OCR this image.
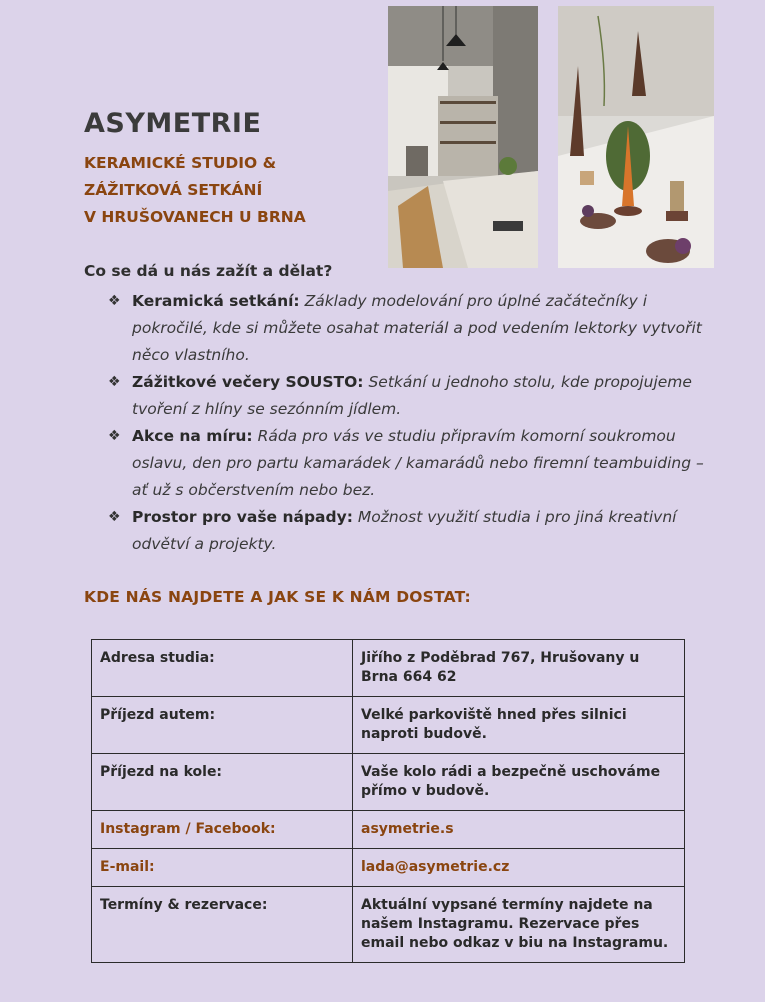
ASYMETRIE
KERAMICKÉ STUDIO &
ZÁŽITKOVÁ SETKÁNÍ
V HRUŠOVANECH U BRNA
Co se dá u nás zažít a dělat?
❖ Keramická setkání: Základy modelování pro úplné začátečníky i pokročilé, kde si můžete osahat materiál a pod vedením lektorky vytvořit něco vlastního.
❖ Zážitkové večery SOUSTO: Setkání u jednoho stolu, kde propojujeme tvoření z hlíny se sezónním jídlem.
❖ Akce na míru: Ráda pro vás ve studiu připravím komorní soukromou oslavu, den pro partu kamarádek / kamarádů nebo firemní teambuiding – ať už s občerstvením nebo bez.
❖ Prostor pro vaše nápady: Možnost využití studia i pro jiná kreativní odvětví a projekty.
KDE NÁS NAJDETE A JAK SE K NÁM DOSTAT:
Adresa studia:	Jiřího z Poděbrad 767, Hrušovany u Brna 664 62
Příjezd autem:	Velké parkoviště hned přes silnici naproti budově.
Příjezd na kole:	Vaše kolo rádi a bezpečně uschováme přímo v budově.
Instagram / Facebook:	asymetrie.s
E-mail:	lada@asymetrie.cz
Termíny & rezervace:	Aktuální vypsané termíny najdete na našem Instagramu. Rezervace přes email nebo odkaz v biu na Instagramu.
